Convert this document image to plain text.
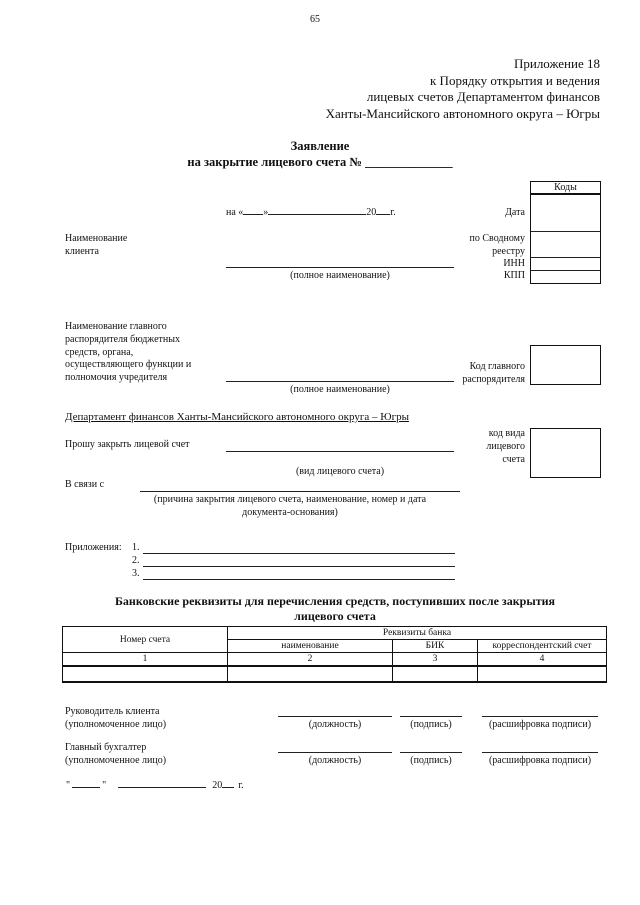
65
Приложение 18
к Порядку открытия и ведения
лицевых счетов Департаментом финансов
Ханты-Мансийского автономного округа – Югры
Заявление
на закрытие лицевого счета № ______________
Коды
Дата
по Сводному
реестру
ИНН
КПП
на « »	20 г.
Наименование
клиента
(полное наименование)
Наименование главного
распорядителя бюджетных
средств, органа,
осуществляющего функции и
полномочия учредителя
(полное наименование)
Код главного
распорядителя
Департамент финансов Ханты-Мансийского автономного округа – Югры
Прошу закрыть лицевой счет
(вид лицевого счета)
код вида
лицевого
счета
В связи с
(причина закрытия лицевого счета, наименование, номер и дата
документа-основания)
Приложения: 1.
2.
3.
Банковские реквизиты для перечисления средств, поступивших после закрытия
лицевого счета
Номер счета	Реквизиты банка		
	наименование	БИК	корреспондентский счет
1	2	3	4

Руководитель клиента
(уполномоченное лицо)	(должность)	(подпись)	(расшифровка подписи)
Главный бухгалтер
(уполномоченное лицо)	(должность)	(подпись)	(расшифровка подписи)
"	"	20 г.
